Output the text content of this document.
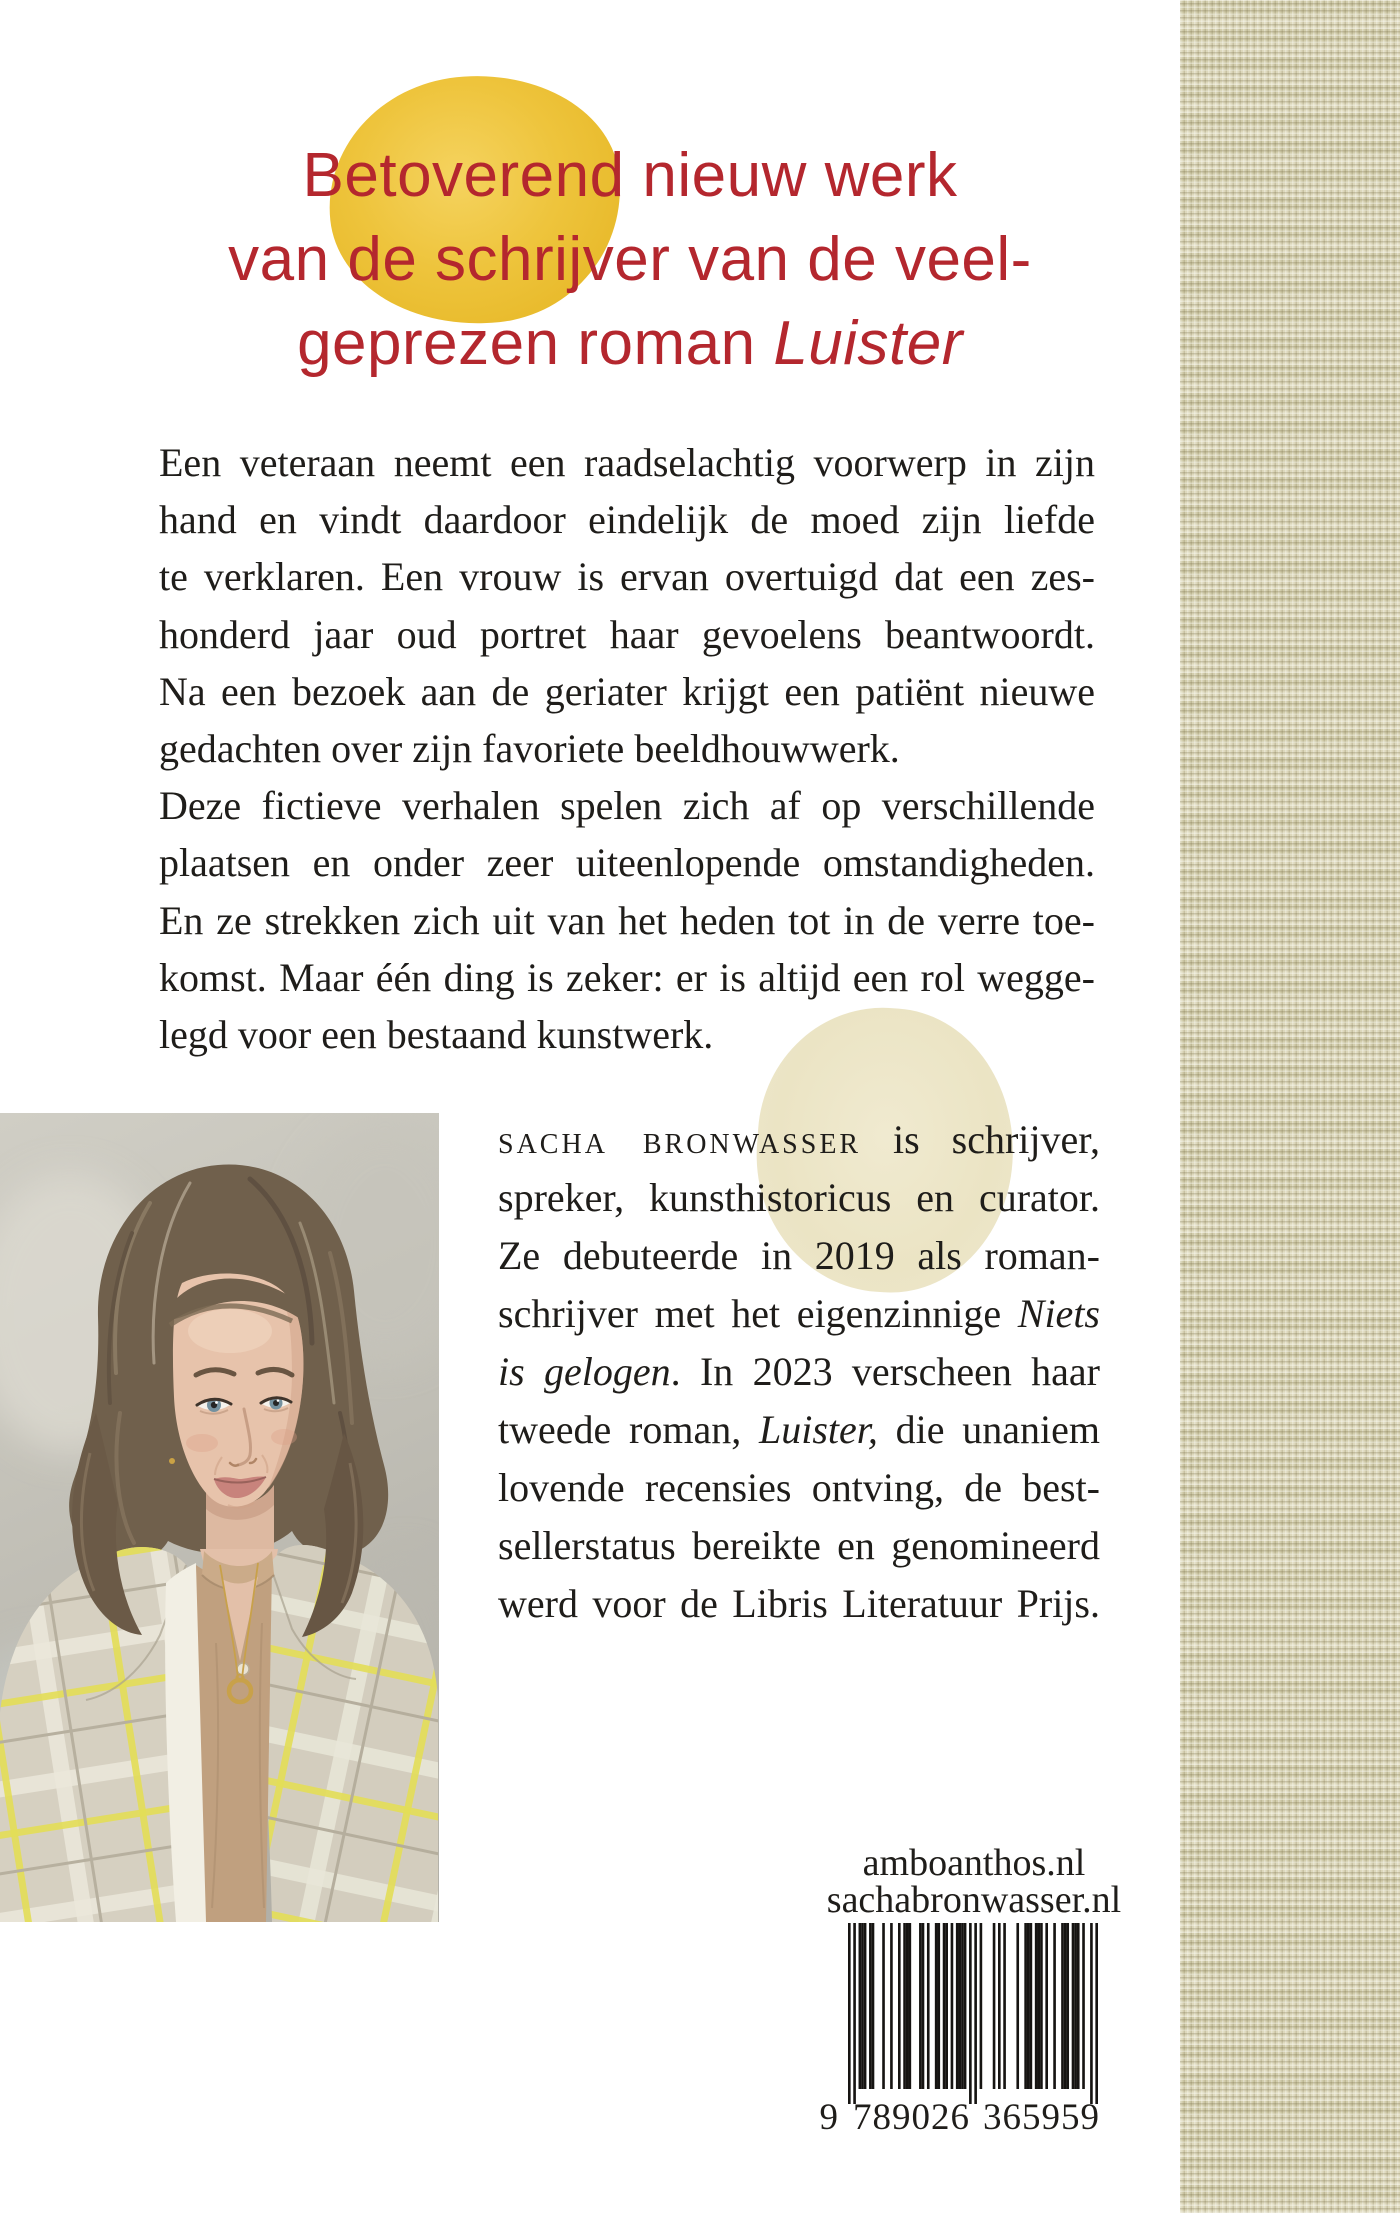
Betoverend nieuw werk
van de schrijver van de veel-
geprezen roman Luister
Een veteraan neemt een raadselachtig voorwerp in zijn
hand en vindt daardoor eindelijk de moed zijn liefde
te verklaren. Een vrouw is ervan overtuigd dat een zes-
honderd jaar oud portret haar gevoelens beantwoordt.
Na een bezoek aan de geriater krijgt een patiënt nieuwe
gedachten over zijn favoriete beeldhouwwerk.
Deze fictieve verhalen spelen zich af op verschillende
plaatsen en onder zeer uiteenlopende omstandigheden.
En ze strekken zich uit van het heden tot in de verre toe-
komst. Maar één ding is zeker: er is altijd een rol wegge-
legd voor een bestaand kunstwerk.
sacha bronwasser is schrijver,
spreker, kunsthistoricus en curator.
Ze debuteerde in 2019 als roman-
schrijver met het eigenzinnige Niets
is gelogen. In 2023 verscheen haar
tweede roman, Luister, die unaniem
lovende recensies ontving, de best-
sellerstatus bereikte en genomineerd
werd voor de Libris Literatuur Prijs.
amboanthos.nl
sachabronwasser.nl
9 7 8 9 0 2 6 3 6 5 9 5 9
